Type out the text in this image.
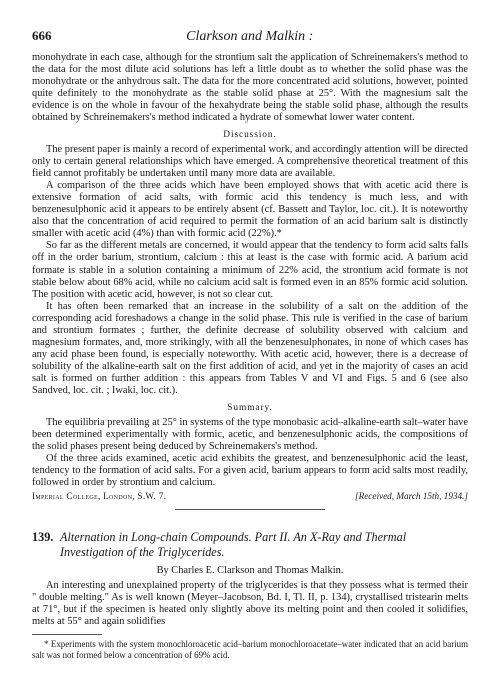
666	Clarkson and Malkin :

monohydrate in each case, although for the strontium salt the application of Schreinemakers's method to the data for the most dilute acid solutions has left a little doubt as to whether the solid phase was the monohydrate or the anhydrous salt. The data for the more concentrated acid solutions, however, pointed quite definitely to the monohydrate as the stable solid phase at 25°. With the magnesium salt the evidence is on the whole in favour of the hexahydrate being the stable solid phase, although the results obtained by Schreinemakers's method indicated a hydrate of somewhat lower water content.

Discussion.

The present paper is mainly a record of experimental work, and accordingly attention will be directed only to certain general relationships which have emerged. A comprehensive theoretical treatment of this field cannot profitably be undertaken until many more data are available.

A comparison of the three acids which have been employed shows that with acetic acid there is extensive formation of acid salts, with formic acid this tendency is much less, and with benzenesulphonic acid it appears to be entirely absent (cf. Bassett and Taylor, loc. cit.). It is noteworthy also that the concentration of acid required to permit the formation of an acid barium salt is distinctly smaller with acetic acid (4%) than with formic acid (22%).*

So far as the different metals are concerned, it would appear that the tendency to form acid salts falls off in the order barium, strontium, calcium : this at least is the case with formic acid. A barium acid formate is stable in a solution containing a minimum of 22% acid, the strontium acid formate is not stable below about 68% acid, while no calcium acid salt is formed even in an 85% formic acid solution. The position with acetic acid, however, is not so clear cut.

It has often been remarked that an increase in the solubility of a salt on the addition of the corresponding acid foreshadows a change in the solid phase. This rule is verified in the case of barium and strontium formates ; further, the definite decrease of solubility observed with calcium and magnesium formates, and, more strikingly, with all the benzenesulphonates, in none of which cases has any acid phase been found, is especially noteworthy. With acetic acid, however, there is a decrease of solubility of the alkaline-earth salt on the first addition of acid, and yet in the majority of cases an acid salt is formed on further addition : this appears from Tables V and VI and Figs. 5 and 6 (see also Sandved, loc. cit. ; Iwaki, loc. cit.).

Summary.

The equilibria prevailing at 25° in systems of the type monobasic acid–alkaline-earth salt–water have been determined experimentally with formic, acetic, and benzenesulphonic acids, the compositions of the solid phases present being deduced by Schreinemakers's method.

Of the three acids examined, acetic acid exhibits the greatest, and benzenesulphonic acid the least, tendency to the formation of acid salts. For a given acid, barium appears to form acid salts most readily, followed in order by strontium and calcium.

Imperial College, London, S.W. 7.	[Received, March 15th, 1934.]
139. Alternation in Long-chain Compounds. Part II. An X-Ray and Thermal Investigation of the Triglycerides.
By Charles E. Clarkson and Thomas Malkin.

An interesting and unexplained property of the triglycerides is that they possess what is termed their " double melting." As is well known (Meyer–Jacobson, Bd. I, Tl. II, p. 134), crystallised tristearin melts at 71°, but if the specimen is heated only slightly above its melting point and then cooled it solidifies, melts at 55° and again solidifies

* Experiments with the system monochloroacetic acid–barium monochloroacetate–water indicated that an acid barium salt was not formed below a concentration of 69% acid.
